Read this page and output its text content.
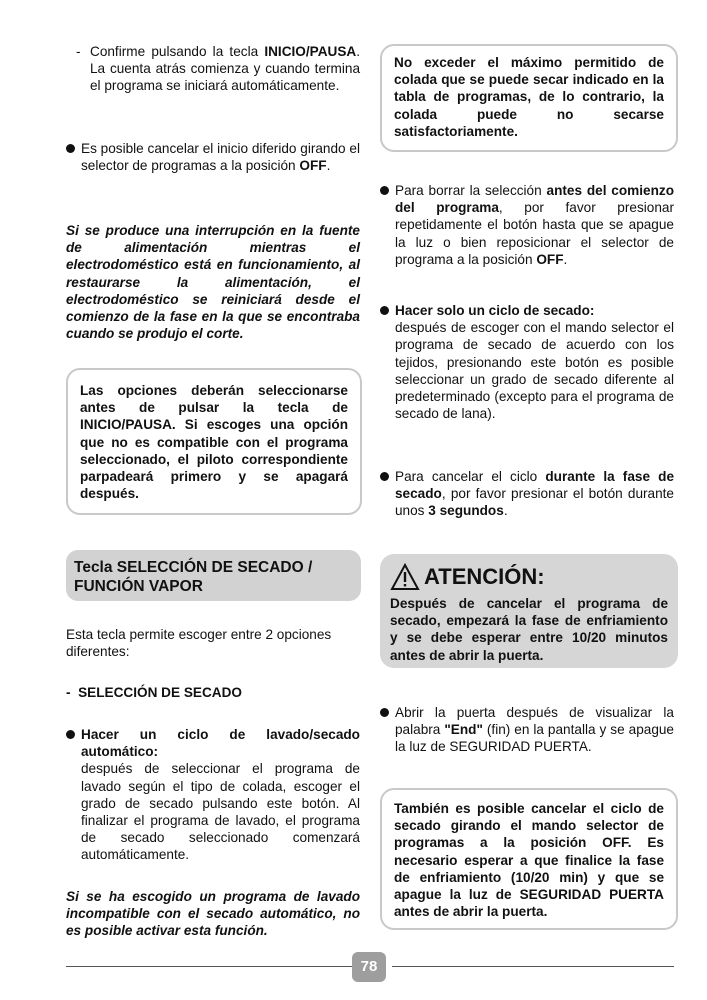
- Confirme pulsando la tecla INICIO/PAUSA. La cuenta atrás comienza y cuando termina el programa se iniciará automáticamente.
Es posible cancelar el inicio diferido girando el selector de programas a la posición OFF.
Si se produce una interrupción en la fuente de alimentación mientras el electrodoméstico está en funcionamiento, al restaurarse la alimentación, el electrodoméstico se reiniciará desde el comienzo de la fase en la que se encontraba cuando se produjo el corte.
Las opciones deberán seleccionarse antes de pulsar la tecla de INICIO/PAUSA. Si escoges una opción que no es compatible con el programa seleccionado, el piloto correspondiente parpadeará primero y se apagará después.
Tecla SELECCIÓN DE SECADO /
FUNCIÓN VAPOR
Esta tecla permite escoger entre 2 opciones diferentes:
- SELECCIÓN DE SECADO
Hacer un ciclo de lavado/secado automático:
después de seleccionar el programa de lavado según el tipo de colada, escoger el grado de secado pulsando este botón. Al finalizar el programa de lavado, el programa de secado seleccionado comenzará automáticamente.
Si se ha escogido un programa de lavado incompatible con el secado automático, no es posible activar esta función.
No exceder el máximo permitido de colada que se puede secar indicado en la tabla de programas, de lo contrario, la colada puede no secarse satisfactoriamente.
Para borrar la selección antes del comienzo del programa, por favor presionar repetidamente el botón hasta que se apague la luz o bien reposicionar el selector de programa a la posición OFF.
Hacer solo un ciclo de secado:
después de escoger con el mando selector el programa de secado de acuerdo con los tejidos, presionando este botón es posible seleccionar un grado de secado diferente al predeterminado (excepto para el programa de secado de lana).
Para cancelar el ciclo durante la fase de secado, por favor presionar el botón durante unos 3 segundos.
ATENCIÓN:
Después de cancelar el programa de secado, empezará la fase de enfriamiento y se debe esperar entre 10/20 minutos antes de abrir la puerta.
Abrir la puerta después de visualizar la palabra "End" (fin) en la pantalla y se apague la luz de SEGURIDAD PUERTA.
También es posible cancelar el ciclo de secado girando el mando selector de programas a la posición OFF. Es necesario esperar a que finalice la fase de enfriamiento (10/20 min) y que se apague la luz de SEGURIDAD PUERTA antes de abrir la puerta.
78
